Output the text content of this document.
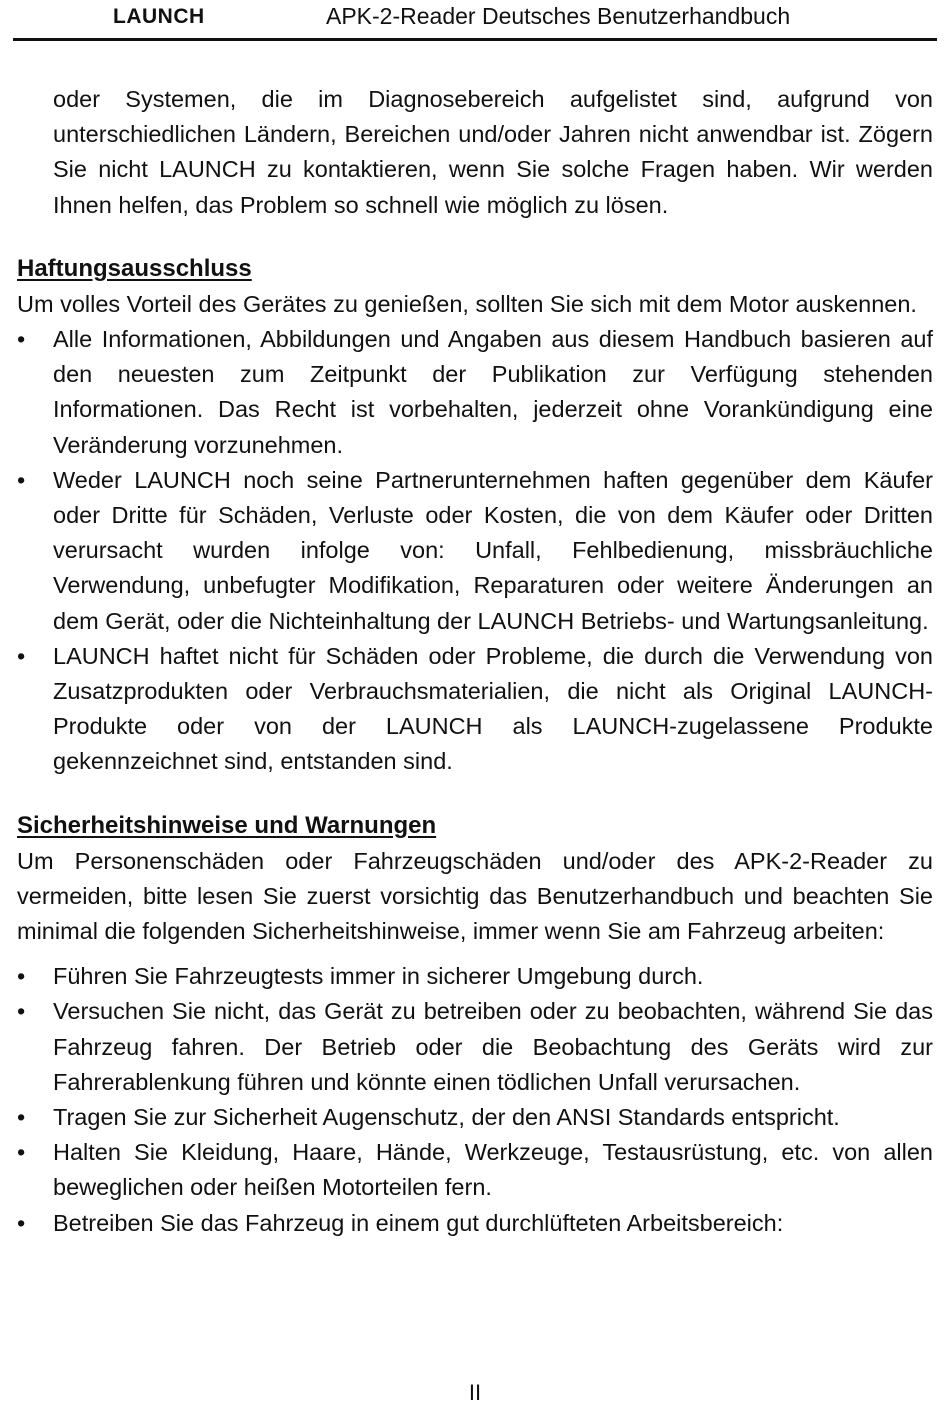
LAUNCH	APK-2-Reader Deutsches Benutzerhandbuch

oder Systemen, die im Diagnosebereich aufgelistet sind, aufgrund von unterschiedlichen Ländern, Bereichen und/oder Jahren nicht anwendbar ist. Zögern Sie nicht LAUNCH zu kontaktieren, wenn Sie solche Fragen haben. Wir werden Ihnen helfen, das Problem so schnell wie möglich zu lösen.

Haftungsausschluss

Um volles Vorteil des Gerätes zu genießen, sollten Sie sich mit dem Motor auskennen.

• Alle Informationen, Abbildungen und Angaben aus diesem Handbuch basieren auf den neuesten zum Zeitpunkt der Publikation zur Verfügung stehenden Informationen. Das Recht ist vorbehalten, jederzeit ohne Vorankündigung eine Veränderung vorzunehmen.
• Weder LAUNCH noch seine Partnerunternehmen haften gegenüber dem Käufer oder Dritte für Schäden, Verluste oder Kosten, die von dem Käufer oder Dritten verursacht wurden infolge von: Unfall, Fehlbedienung, missbräuchliche Verwendung, unbefugter Modifikation, Reparaturen oder weitere Änderungen an dem Gerät, oder die Nichteinhaltung der LAUNCH Betriebs- und Wartungsanleitung.
• LAUNCH haftet nicht für Schäden oder Probleme, die durch die Verwendung von Zusatzprodukten oder Verbrauchsmaterialien, die nicht als Original LAUNCH-Produkte oder von der LAUNCH als LAUNCH-zugelassene Produkte gekennzeichnet sind, entstanden sind.
Sicherheitshinweise und Warnungen

Um Personenschäden oder Fahrzeugschäden und/oder des APK-2-Reader zu vermeiden, bitte lesen Sie zuerst vorsichtig das Benutzerhandbuch und beachten Sie minimal die folgenden Sicherheitshinweise, immer wenn Sie am Fahrzeug arbeiten:

• Führen Sie Fahrzeugtests immer in sicherer Umgebung durch.
• Versuchen Sie nicht, das Gerät zu betreiben oder zu beobachten, während Sie das Fahrzeug fahren. Der Betrieb oder die Beobachtung des Geräts wird zur Fahrerablenkung führen und könnte einen tödlichen Unfall verursachen.
• Tragen Sie zur Sicherheit Augenschutz, der den ANSI Standards entspricht.
• Halten Sie Kleidung, Haare, Hände, Werkzeuge, Testausrüstung, etc. von allen beweglichen oder heißen Motorteilen fern.
• Betreiben Sie das Fahrzeug in einem gut durchlüfteten Arbeitsbereich:
II
